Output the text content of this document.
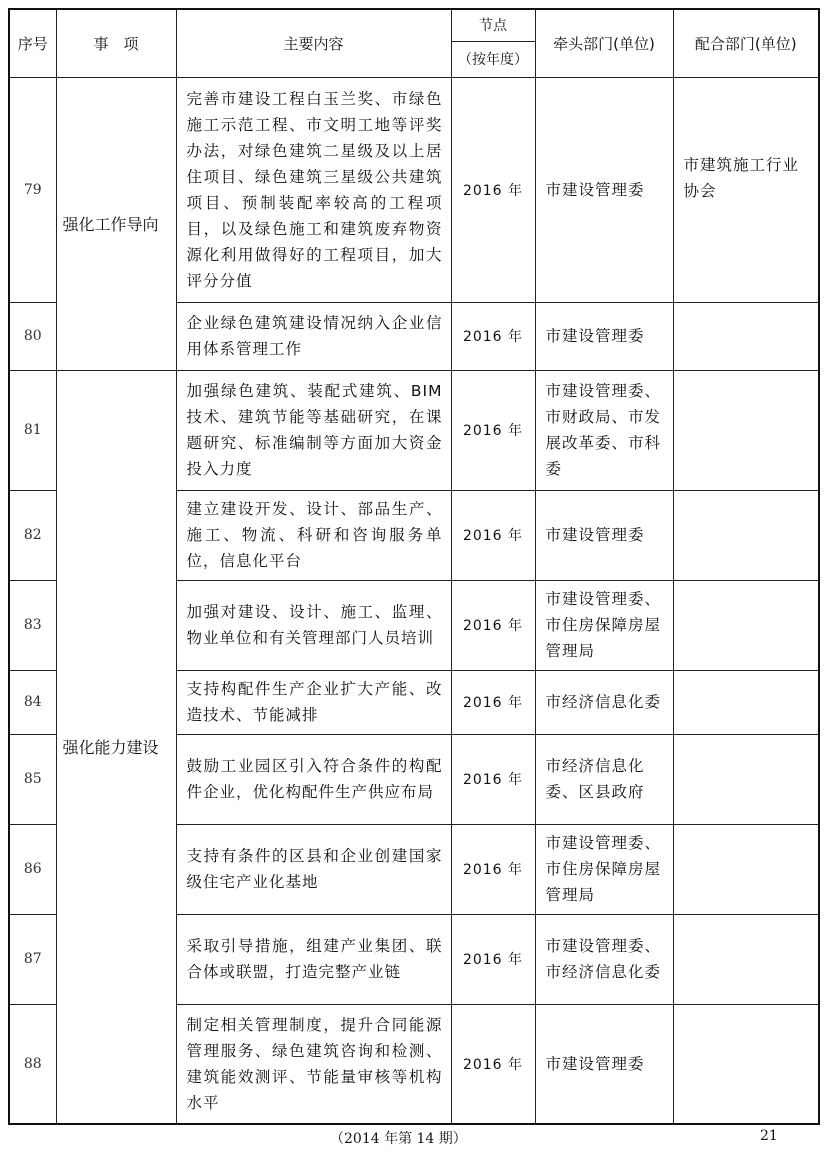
序号	事　项	主要内容	节点	牵头部门(单位)	配合部门(单位)
			（按年度）		
79	强化工作导向	完善市建设工程白玉兰奖、市绿色施工示范工程、市文明工地等评奖办法，对绿色建筑二星级及以上居住项目、绿色建筑三星级公共建筑项目、预制装配率较高的工程项目，以及绿色施工和建筑废弃物资源化利用做得好的工程项目，加大评分分值	2016 年	市建设管理委	市建筑施工行业协会
80		企业绿色建筑建设情况纳入企业信用体系管理工作	2016 年	市建设管理委	
81	强化能力建设	加强绿色建筑、装配式建筑、BIM技术、建筑节能等基础研究，在课题研究、标准编制等方面加大资金投入力度	2016 年	市建设管理委、市财政局、市发展改革委、市科委	
82		建立建设开发、设计、部品生产、施工、物流、科研和咨询服务单位，信息化平台	2016 年	市建设管理委	
83		加强对建设、设计、施工、监理、物业单位和有关管理部门人员培训	2016 年	市建设管理委、市住房保障房屋管理局	
84		支持构配件生产企业扩大产能、改造技术、节能减排	2016 年	市经济信息化委	
85		鼓励工业园区引入符合条件的构配件企业，优化构配件生产供应布局	2016 年	市经济信息化委、区县政府	
86		支持有条件的区县和企业创建国家级住宅产业化基地	2016 年	市建设管理委、市住房保障房屋管理局	
87		采取引导措施，组建产业集团、联合体或联盟，打造完整产业链	2016 年	市建设管理委、市经济信息化委	
88		制定相关管理制度，提升合同能源管理服务、绿色建筑咨询和检测、建筑能效测评、节能量审核等机构水平	2016 年	市建设管理委	
（2014 年第 14 期）	21
